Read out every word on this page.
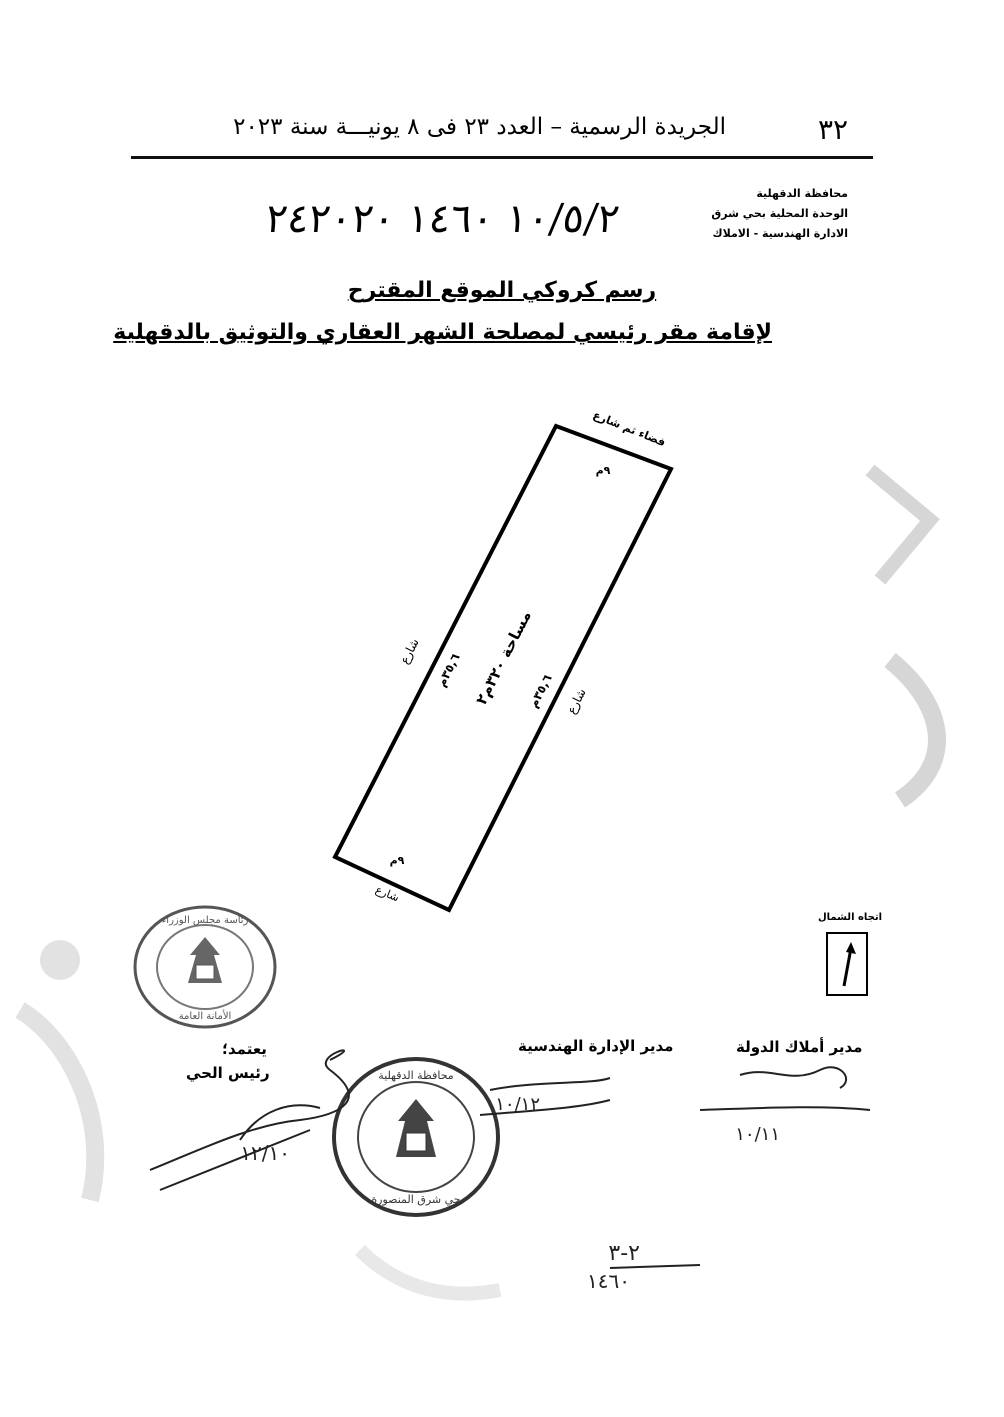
٣٢
الجريدة الرسمية – العدد ٢٣ فى ٨ يونيـــة سنة ٢٠٢٣
محافظة الدقهلية
الوحدة المحلية بحي شرق
الادارة الهندسية - الاملاك
١٠/٥/٢ ١٤٦٠ ٢٤٢٠٢٠
رسم كروكي الموقع المقترح
لإقامة مقر رئيسي لمصلحة الشهر العقاري والتوثيق بالدقهلية
فضاء ثم شارع
٩م
شارع
٣٥,٦م
مساحة ٣٢٠م٢
٣٥,٦م شارع
٩م
شارع
اتجاه الشمال
رئاسة مجلس الوزراء
الأمانة العامة
محافظة الدقهلية
حي شرق المنصورة
يعتمد؛
رئيس الحي
مدير الإدارة الهندسية	مدير أملاك الدولة
١٢/١٠
١٠/١٢
١٠/١١
٢-٣
١٤٦٠
